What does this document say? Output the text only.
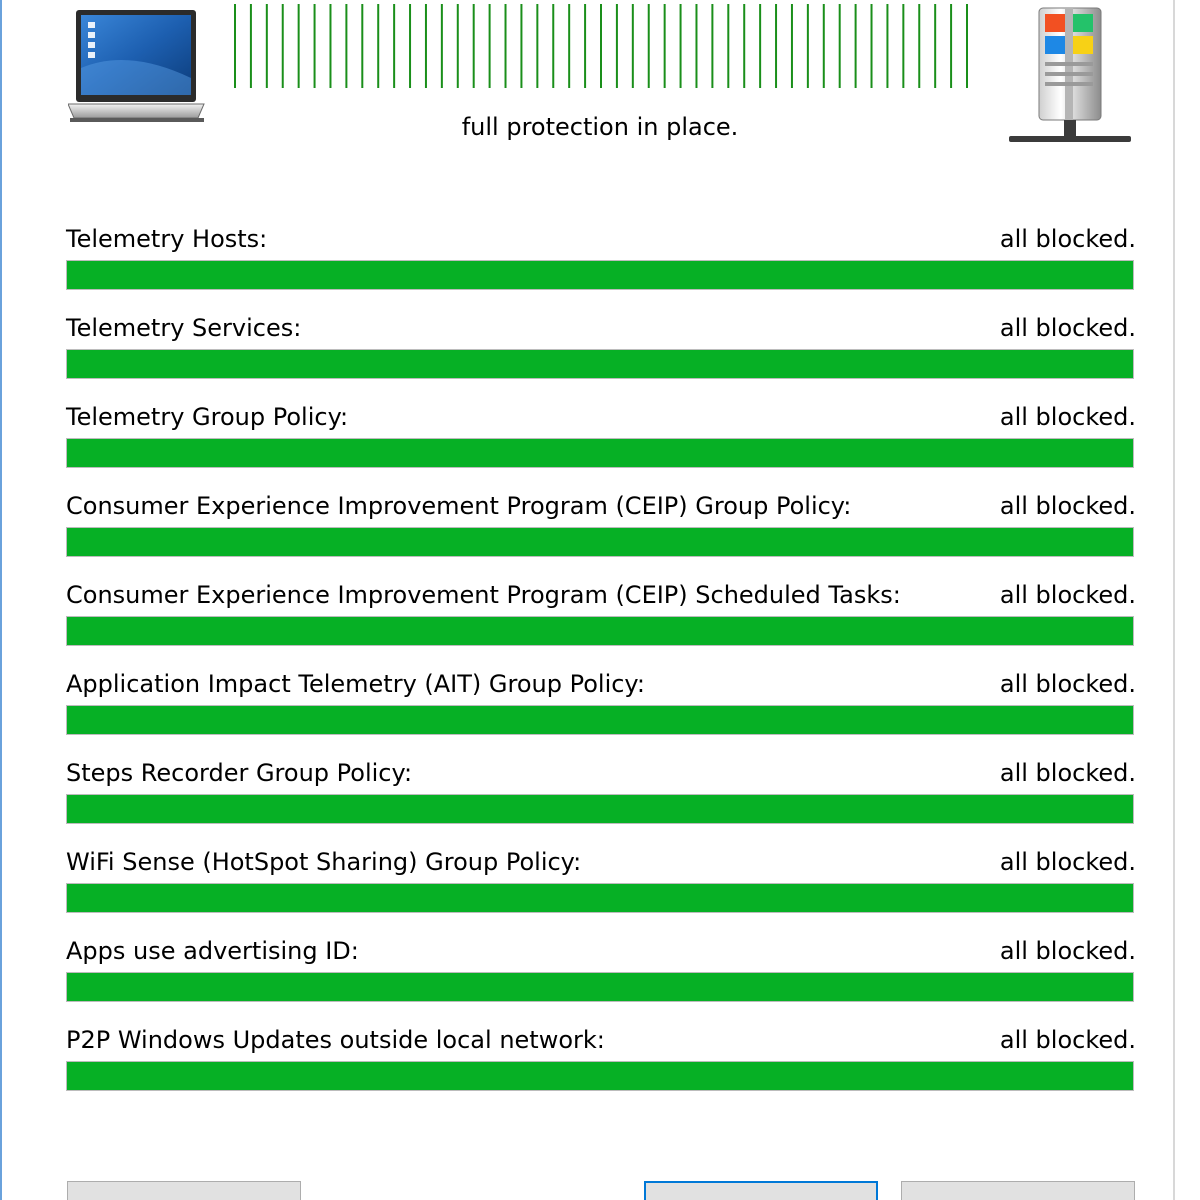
full protection in place.
Telemetry Hosts:	all blocked.
Telemetry Services:	all blocked.
Telemetry Group Policy:	all blocked.
Consumer Experience Improvement Program (CEIP) Group Policy:	all blocked.
Consumer Experience Improvement Program (CEIP) Scheduled Tasks:	all blocked.
Application Impact Telemetry (AIT) Group Policy:	all blocked.
Steps Recorder Group Policy:	all blocked.
WiFi Sense (HotSpot Sharing) Group Policy:	all blocked.
Apps use advertising ID:	all blocked.
P2P Windows Updates outside local network:	all blocked.
